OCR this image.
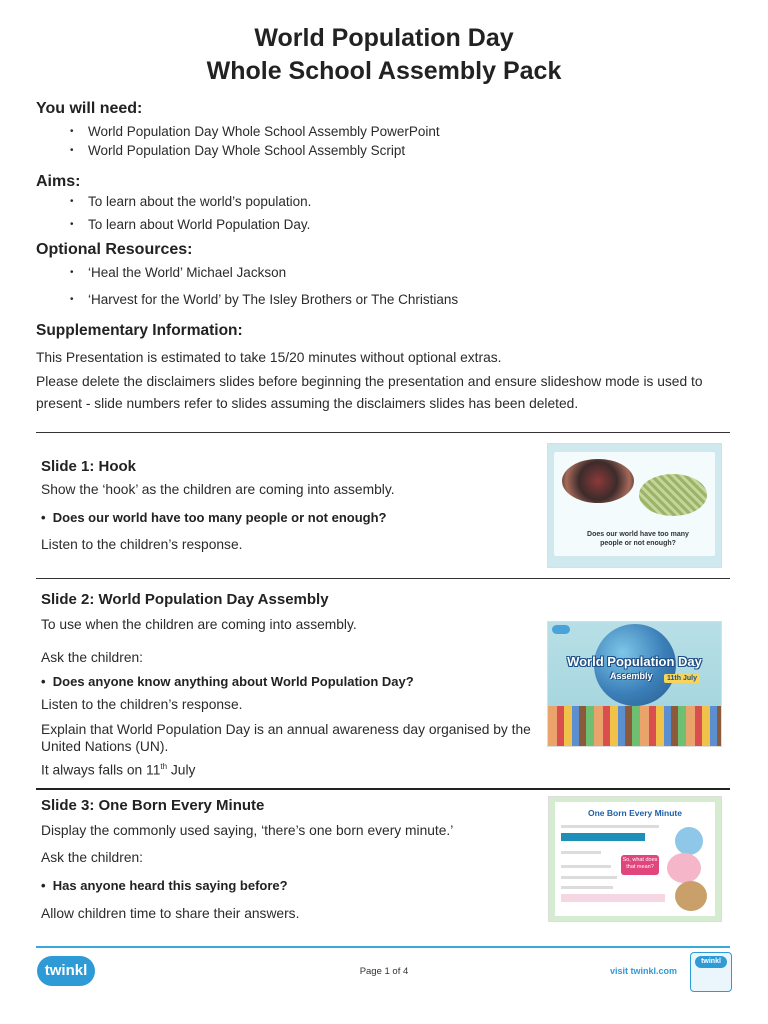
World Population Day
Whole School Assembly Pack
You will need:
• World Population Day Whole School Assembly PowerPoint
• World Population Day Whole School Assembly Script
Aims:
• To learn about the world’s population.
• To learn about World Population Day.
Optional Resources:
• ‘Heal the World’ Michael Jackson
• ‘Harvest for the World’ by The Isley Brothers or The Christians
Supplementary Information:
This Presentation is estimated to take 15/20 minutes without optional extras.
Please delete the disclaimers slides before beginning the presentation and ensure slideshow mode is used to present - slide numbers refer to slides assuming the disclaimers slides has been deleted.
Slide 1: Hook
Show the ‘hook’ as the children are coming into assembly.
•  Does our world have too many people or not enough?
Listen to the children’s response.
Does our world have too many people or not enough?
Slide 2: World Population Day Assembly
To use when the children are coming into assembly.
Ask the children:
•  Does anyone know anything about World Population Day?
Listen to the children’s response.
Explain that World Population Day is an annual awareness day organised by the United Nations (UN).
It always falls on 11th July
World Population Day
Assembly	11th July
Slide 3: One Born Every Minute
Display the commonly used saying, ‘there’s one born every minute.’
Ask the children:
•  Has anyone heard this saying before?
Allow children time to share their answers.
One Born Every Minute
So, what does that mean?
twinkl	Page 1 of 4	visit twinkl.com
twinkl
